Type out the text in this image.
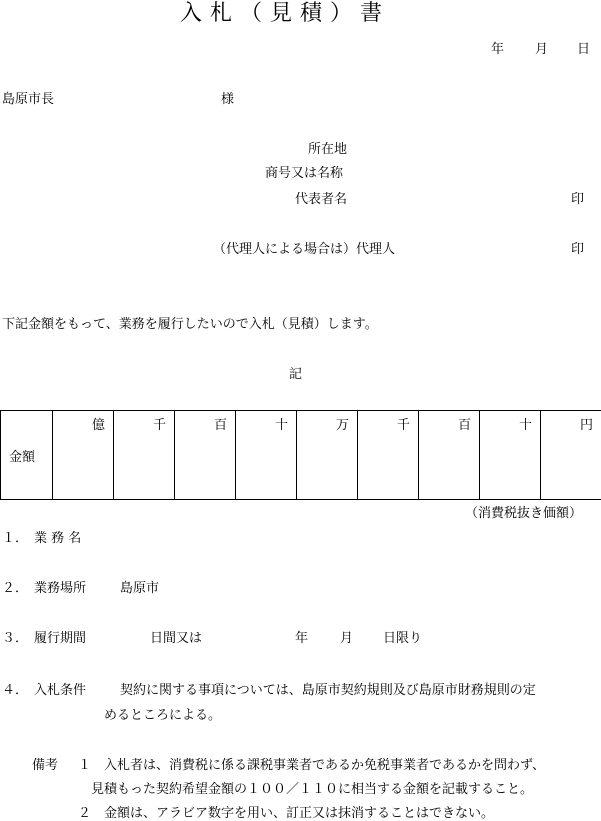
入 札 （ 見 積 ） 書
年 月 日
島原市長	様
所在地
商号又は名称
代表者名	印
（代理人による場合は）代理人	印
下記金額をもって、業務を履行したいので入札（見積）します。
記
金額	
億	千	百	十	万	千	百	十	円
（消費税抜き価額）
１． 業 務 名
２． 業務場所	島原市
３． 履行期間	日間又は	年 月 日限り
４． 入札条件	契約に関する事項については、島原市契約規則及び島原市財務規則の定
めるところによる。
備考 １ 入札者は、消費税に係る課税事業者であるか免税事業者であるかを問わず、
見積もった契約希望金額の１００／１１０に相当する金額を記載すること。
２ 金額は、アラビア数字を用い、訂正又は抹消することはできない。
